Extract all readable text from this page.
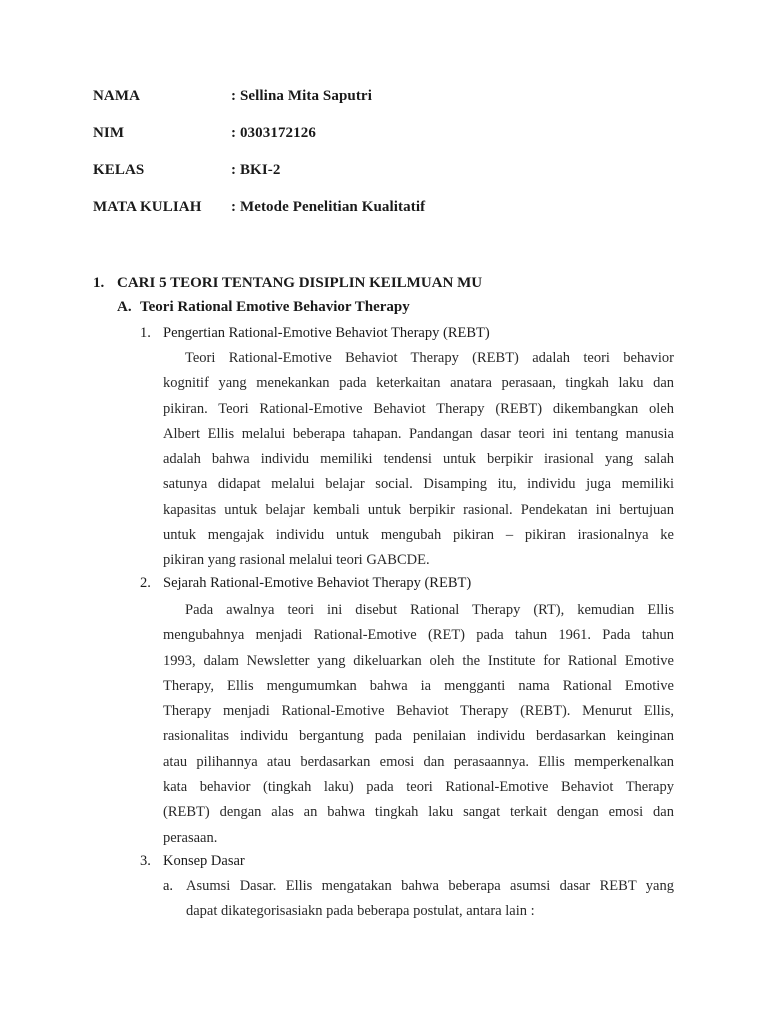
NAMA	: Sellina Mita Saputri
NIM	: 0303172126
KELAS	: BKI-2
MATA KULIAH : Metode Penelitian Kualitatif
1. CARI 5 TEORI TENTANG DISIPLIN KEILMUAN MU
A. Teori Rational Emotive Behavior Therapy
1. Pengertian Rational-Emotive Behaviot Therapy (REBT)
Teori Rational-Emotive Behaviot Therapy (REBT) adalah teori behavior
kognitif yang menekankan pada keterkaitan anatara perasaan, tingkah laku dan
pikiran. Teori Rational-Emotive Behaviot Therapy (REBT) dikembangkan oleh
Albert Ellis melalui beberapa tahapan. Pandangan dasar teori ini tentang manusia
adalah bahwa individu memiliki tendensi untuk berpikir irasional yang salah
satunya didapat melalui belajar social. Disamping itu, individu juga memiliki
kapasitas untuk belajar kembali untuk berpikir rasional. Pendekatan ini bertujuan
untuk mengajak individu untuk mengubah pikiran – pikiran irasionalnya ke
pikiran yang rasional melalui teori GABCDE.
2. Sejarah Rational-Emotive Behaviot Therapy (REBT)
Pada awalnya teori ini disebut Rational Therapy (RT), kemudian Ellis
mengubahnya menjadi Rational-Emotive (RET) pada tahun 1961. Pada tahun
1993, dalam Newsletter yang dikeluarkan oleh the Institute for Rational Emotive
Therapy, Ellis mengumumkan bahwa ia mengganti nama Rational Emotive
Therapy menjadi Rational-Emotive Behaviot Therapy (REBT). Menurut Ellis,
rasionalitas individu bergantung pada penilaian individu berdasarkan keinginan
atau pilihannya atau berdasarkan emosi dan perasaannya. Ellis memperkenalkan
kata behavior (tingkah laku) pada teori Rational-Emotive Behaviot Therapy
(REBT) dengan alas an bahwa tingkah laku sangat terkait dengan emosi dan
perasaan.
3. Konsep Dasar
a. Asumsi Dasar. Ellis mengatakan bahwa beberapa asumsi dasar REBT yang
dapat dikategorisasiakn pada beberapa postulat, antara lain :
